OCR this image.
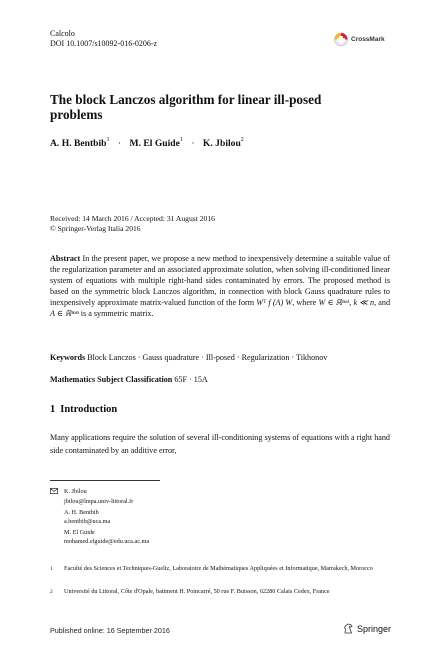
Calcolo
DOI 10.1007/s10092-016-0206-z	CrossMark
The block Lanczos algorithm for linear ill-posed problems
A. H. Bentbib$^1$ · M. El Guide$^1$ · K. Jbilou$^2$
Received: 14 March 2016 / Accepted: 31 August 2016
© Springer-Verlag Italia 2016
Abstract In the present paper, we propose a new method to inexpensively determine a suitable value of the regularization parameter and an associated approximate solution, when solving ill-conditioned linear system of equations with multiple right-hand sides contaminated by errors. The proposed method is based on the symmetric block Lanczos algorithm, in connection with block Gauss quadrature rules to inexpensively approximate matrix-valued function of the form Wᵀ f (A) W, where W ∈ ℝⁿˣᵏ, k ≪ n, and A ∈ ℝⁿˣⁿ is a symmetric matrix.
Keywords Block Lanczos · Gauss quadrature · Ill-posed · Regularization · Tikhonov
Mathematics Subject Classification 65F · 15A
1 Introduction
Many applications require the solution of several ill-conditioning systems of equations with a right hand side contaminated by an additive error,
K. Jbilou
jbilou@lmpa.univ-littoral.fr
A. H. Bentbib
a.bentbib@uca.ma
M. El Guide
mohamed.elguide@edu.uca.ac.ma
1	Faculté des Sciences et Techniques-Gueliz, Laboratoire de Mathématiques Appliquées et Informatique, Marrakech, Morocco
2	Université du Littoral, Côte d'Opale, batiment H. Poincarré, 50 rue F. Buisson, 62280 Calais Cedex, France
Published online: 16 September 2016	Springer
